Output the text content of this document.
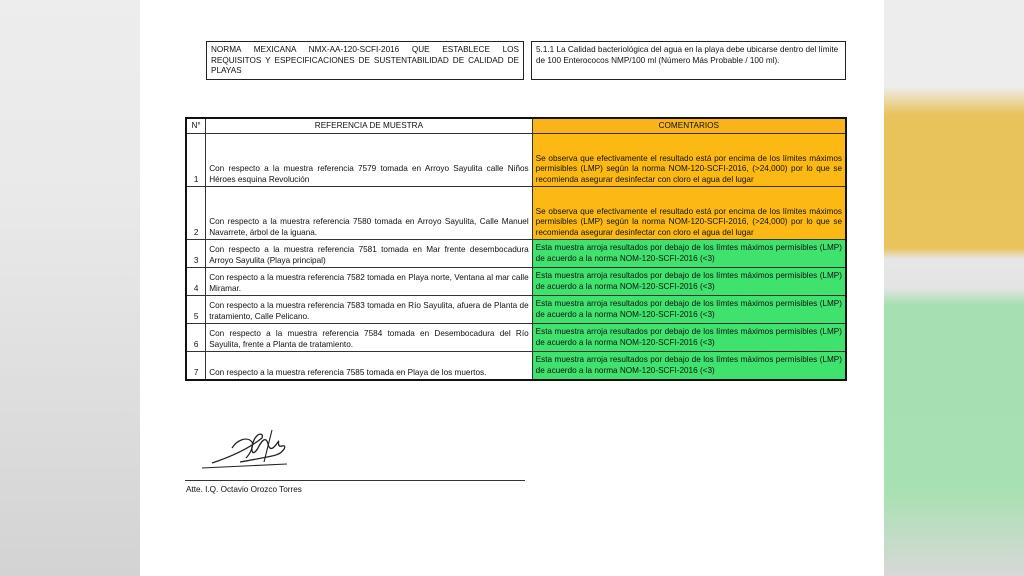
NORMA MEXICANA NMX-AA-120-SCFI-2016 QUE ESTABLECE LOS REQUISITOS Y ESPECIFICACIONES DE SUSTENTABILIDAD DE CALIDAD DE PLAYAS
5.1.1 La Calidad bacteriológica del agua en la playa debe ubicarse dentro del límite de 100 Enterococos NMP/100 ml (Número Más Probable / 100 ml).
N°	REFERENCIA DE MUESTRA	COMENTARIOS
1	Con respecto a la muestra referencia 7579 tomada en Arroyo Sayulita calle Niños Héroes esquina Revolución	Se observa que efectivamente el resultado está por encima de los límites máximos permisibles (LMP) según la norma NOM-120-SCFI-2016, (>24,000) por lo que se recomienda asegurar desinfectar con cloro el agua del lugar
2	Con respecto a la muestra referencia 7580 tomada en Arroyo Sayulita, Calle Manuel Navarrete, árbol de la iguana.	Se observa que efectivamente el resultado está por encima de los límites máximos permisibles (LMP) según la norma NOM-120-SCFI-2016, (>24,000) por lo que se recomienda asegurar desinfectar con cloro el agua del lugar
3	Con respecto a la muestra referencia 7581 tomada en Mar frente desembocadura Arroyo Sayulita (Playa principal)	Esta muestra arroja resultados por debajo de los límtes máximos permisibles (LMP) de acuerdo a la norma NOM-120-SCFI-2016 (<3)
4	Con respecto a la muestra referencia 7582 tomada en Playa norte, Ventana al mar calle Miramar.	Esta muestra arroja resultados por debajo de los límtes máximos permisibles (LMP) de acuerdo a la norma NOM-120-SCFI-2016 (<3)
5	Con respecto a la muestra referencia 7583 tomada en Río Sayulita, afuera de Planta de tratamiento, Calle Pelicano.	Esta muestra arroja resultados por debajo de los límtes máximos permisibles (LMP) de acuerdo a la norma NOM-120-SCFI-2016 (<3)
6	Con respecto a la muestra referencia 7584 tomada en Desembocadura del Río Sayulita, frente a Planta de tratamiento.	Esta muestra arroja resultados por debajo de los límtes máximos permisibles (LMP) de acuerdo a la norma NOM-120-SCFI-2016 (<3)
7	Con respecto a la muestra referencia 7585 tomada en Playa de los muertos.	Esta muestra arroja resultados por debajo de los límtes máximos permisibles (LMP) de acuerdo a la norma NOM-120-SCFI-2016 (<3)
Atte. I.Q. Octavio Orozco Torres
